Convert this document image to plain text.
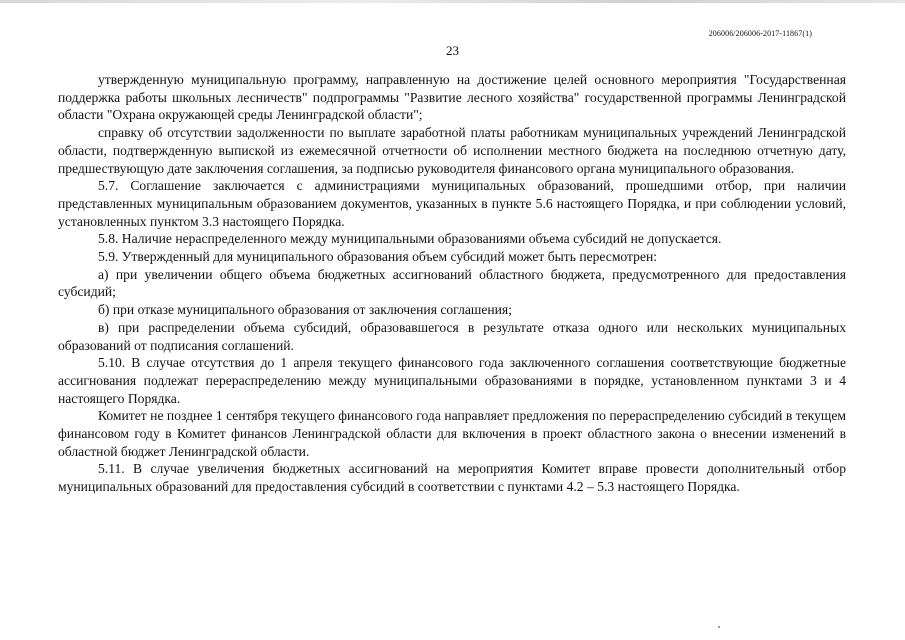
206006/206006-2017-11867(1)
23

утвержденную муниципальную программу, направленную на достижение целей основного мероприятия "Государственная поддержка работы школьных лесничеств" подпрограммы "Развитие лесного хозяйства" государственной программы Ленинградской области "Охрана окружающей среды Ленинградской области";

справку об отсутствии задолженности по выплате заработной платы работникам муниципальных учреждений Ленинградской области, подтвержденную выпиской из ежемесячной отчетности об исполнении местного бюджета на последнюю отчетную дату, предшествующую дате заключения соглашения, за подписью руководителя финансового органа муниципального образования.

5.7. Соглашение заключается с администрациями муниципальных образований, прошедшими отбор, при наличии представленных муниципальным образованием документов, указанных в пункте 5.6 настоящего Порядка, и при соблюдении условий, установленных пунктом 3.3 настоящего Порядка.

5.8. Наличие нераспределенного между муниципальными образованиями объема субсидий не допускается.

5.9. Утвержденный для муниципального образования объем субсидий может быть пересмотрен:

а) при увеличении общего объема бюджетных ассигнований областного бюджета, предусмотренного для предоставления субсидий;

б) при отказе муниципального образования от заключения соглашения;

в) при распределении объема субсидий, образовавшегося в результате отказа одного или нескольких муниципальных образований от подписания соглашений.

5.10. В случае отсутствия до 1 апреля текущего финансового года заключенного соглашения соответствующие бюджетные ассигнования подлежат перераспределению между муниципальными образованиями в порядке, установленном пунктами 3 и 4 настоящего Порядка.

Комитет не позднее 1 сентября текущего финансового года направляет предложения по перераспределению субсидий в текущем финансовом году в Комитет финансов Ленинградской области для включения в проект областного закона о внесении изменений в областной бюджет Ленинградской области.

5.11. В случае увеличения бюджетных ассигнований на мероприятия Комитет вправе провести дополнительный отбор муниципальных образований для предоставления субсидий в соответствии с пунктами 4.2 – 5.3 настоящего Порядка.
